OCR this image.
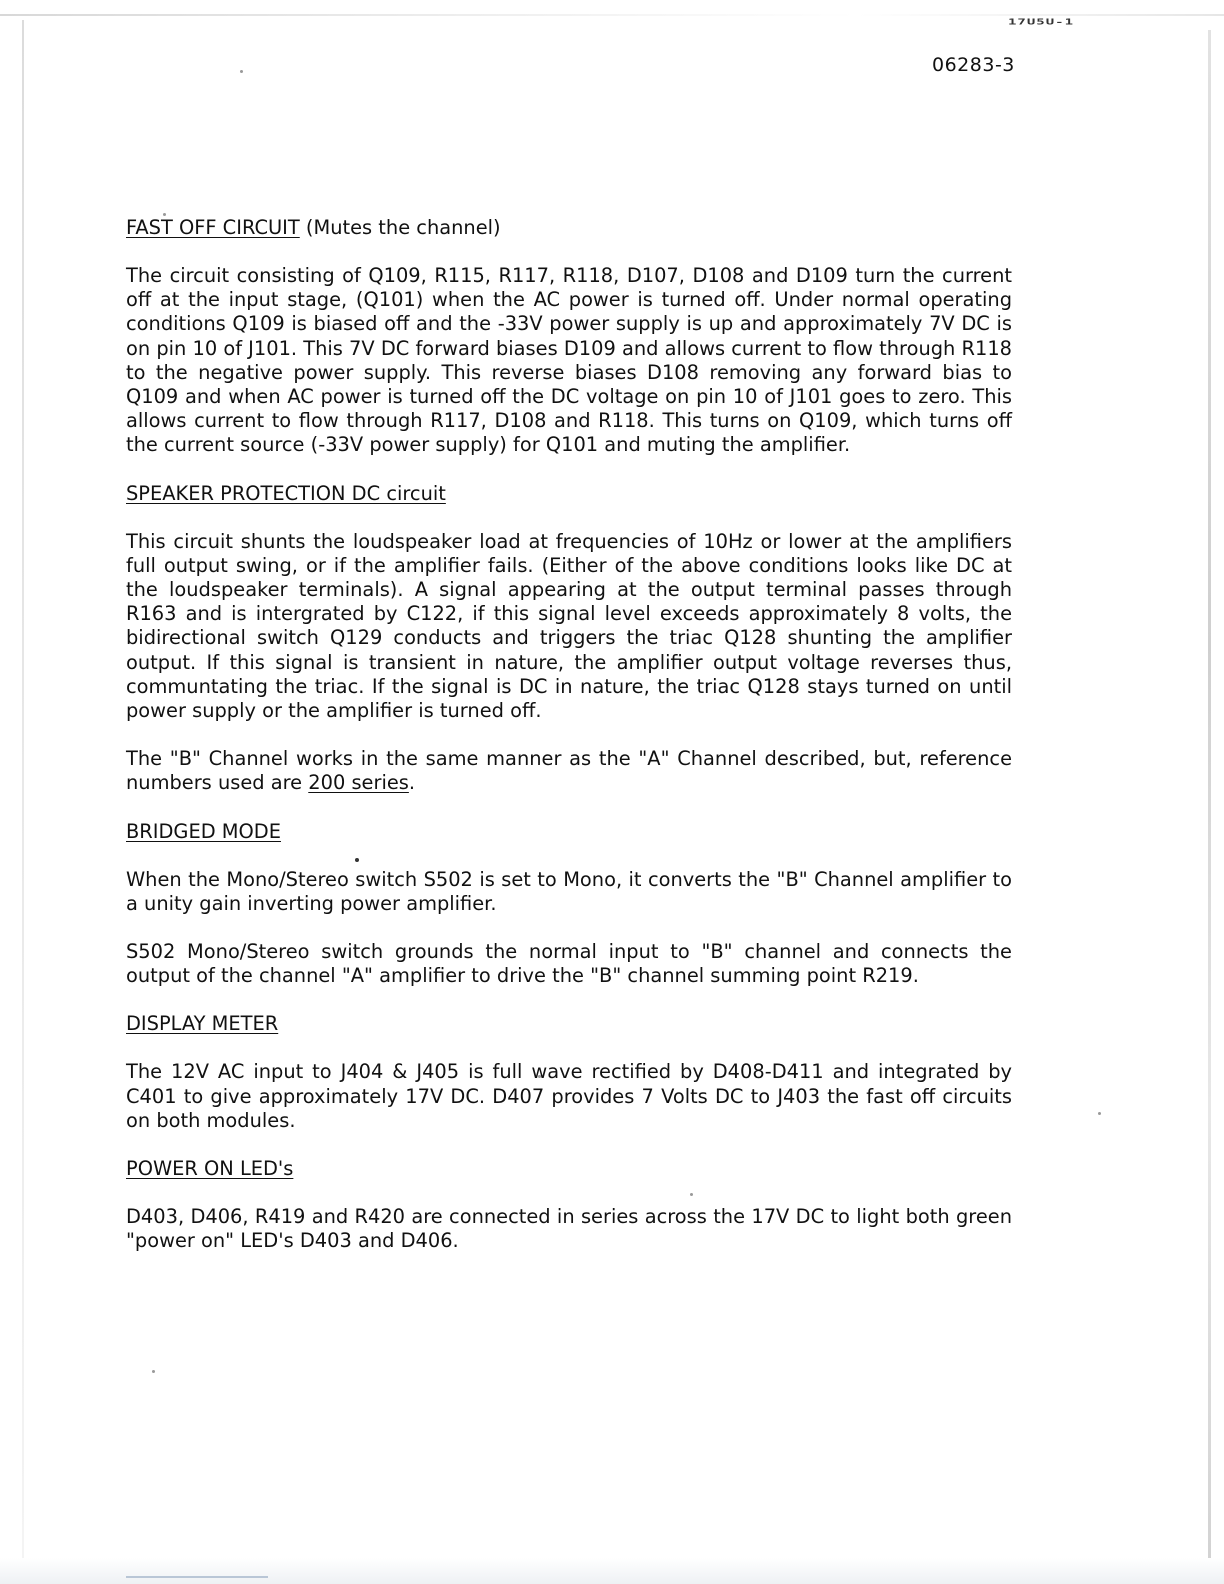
17U5U-1
06283-3
FAST OFF CIRCUIT (Mutes the channel)

The circuit consisting of Q109, R115, R117, R118, D107, D108 and D109 turn the current off at the input stage, (Q101) when the AC power is turned off. Under normal operating conditions Q109 is biased off and the -33V power supply is up and approximately 7V DC is on pin 10 of J101. This 7V DC forward biases D109 and allows current to flow through R118 to the negative power supply. This reverse biases D108 removing any forward bias to Q109 and when AC power is turned off the DC voltage on pin 10 of J101 goes to zero. This allows current to flow through R117, D108 and R118. This turns on Q109, which turns off the current source (-33V power supply) for Q101 and muting the amplifier.

SPEAKER PROTECTION DC circuit

This circuit shunts the loudspeaker load at frequencies of 10Hz or lower at the amplifiers full output swing, or if the amplifier fails. (Either of the above conditions looks like DC at the loudspeaker terminals). A signal appearing at the output terminal passes through R163 and is intergrated by C122, if this signal level exceeds approximately 8 volts, the bidirectional switch Q129 conducts and triggers the triac Q128 shunting the amplifier output. If this signal is transient in nature, the amplifier output voltage reverses thus, communtating the triac. If the signal is DC in nature, the triac Q128 stays turned on until power supply or the amplifier is turned off.

The "B" Channel works in the same manner as the "A" Channel described, but, reference numbers used are 200 series.

BRIDGED MODE

When the Mono/Stereo switch S502 is set to Mono, it converts the "B" Channel amplifier to a unity gain inverting power amplifier.

S502 Mono/Stereo switch grounds the normal input to "B" channel and connects the output of the channel "A" amplifier to drive the "B" channel summing point R219.

DISPLAY METER

The 12V AC input to J404 & J405 is full wave rectified by D408-D411 and integrated by C401 to give approximately 17V DC. D407 provides 7 Volts DC to J403 the fast off circuits on both modules.

POWER ON LED's

D403, D406, R419 and R420 are connected in series across the 17V DC to light both green "power on" LED's D403 and D406.
